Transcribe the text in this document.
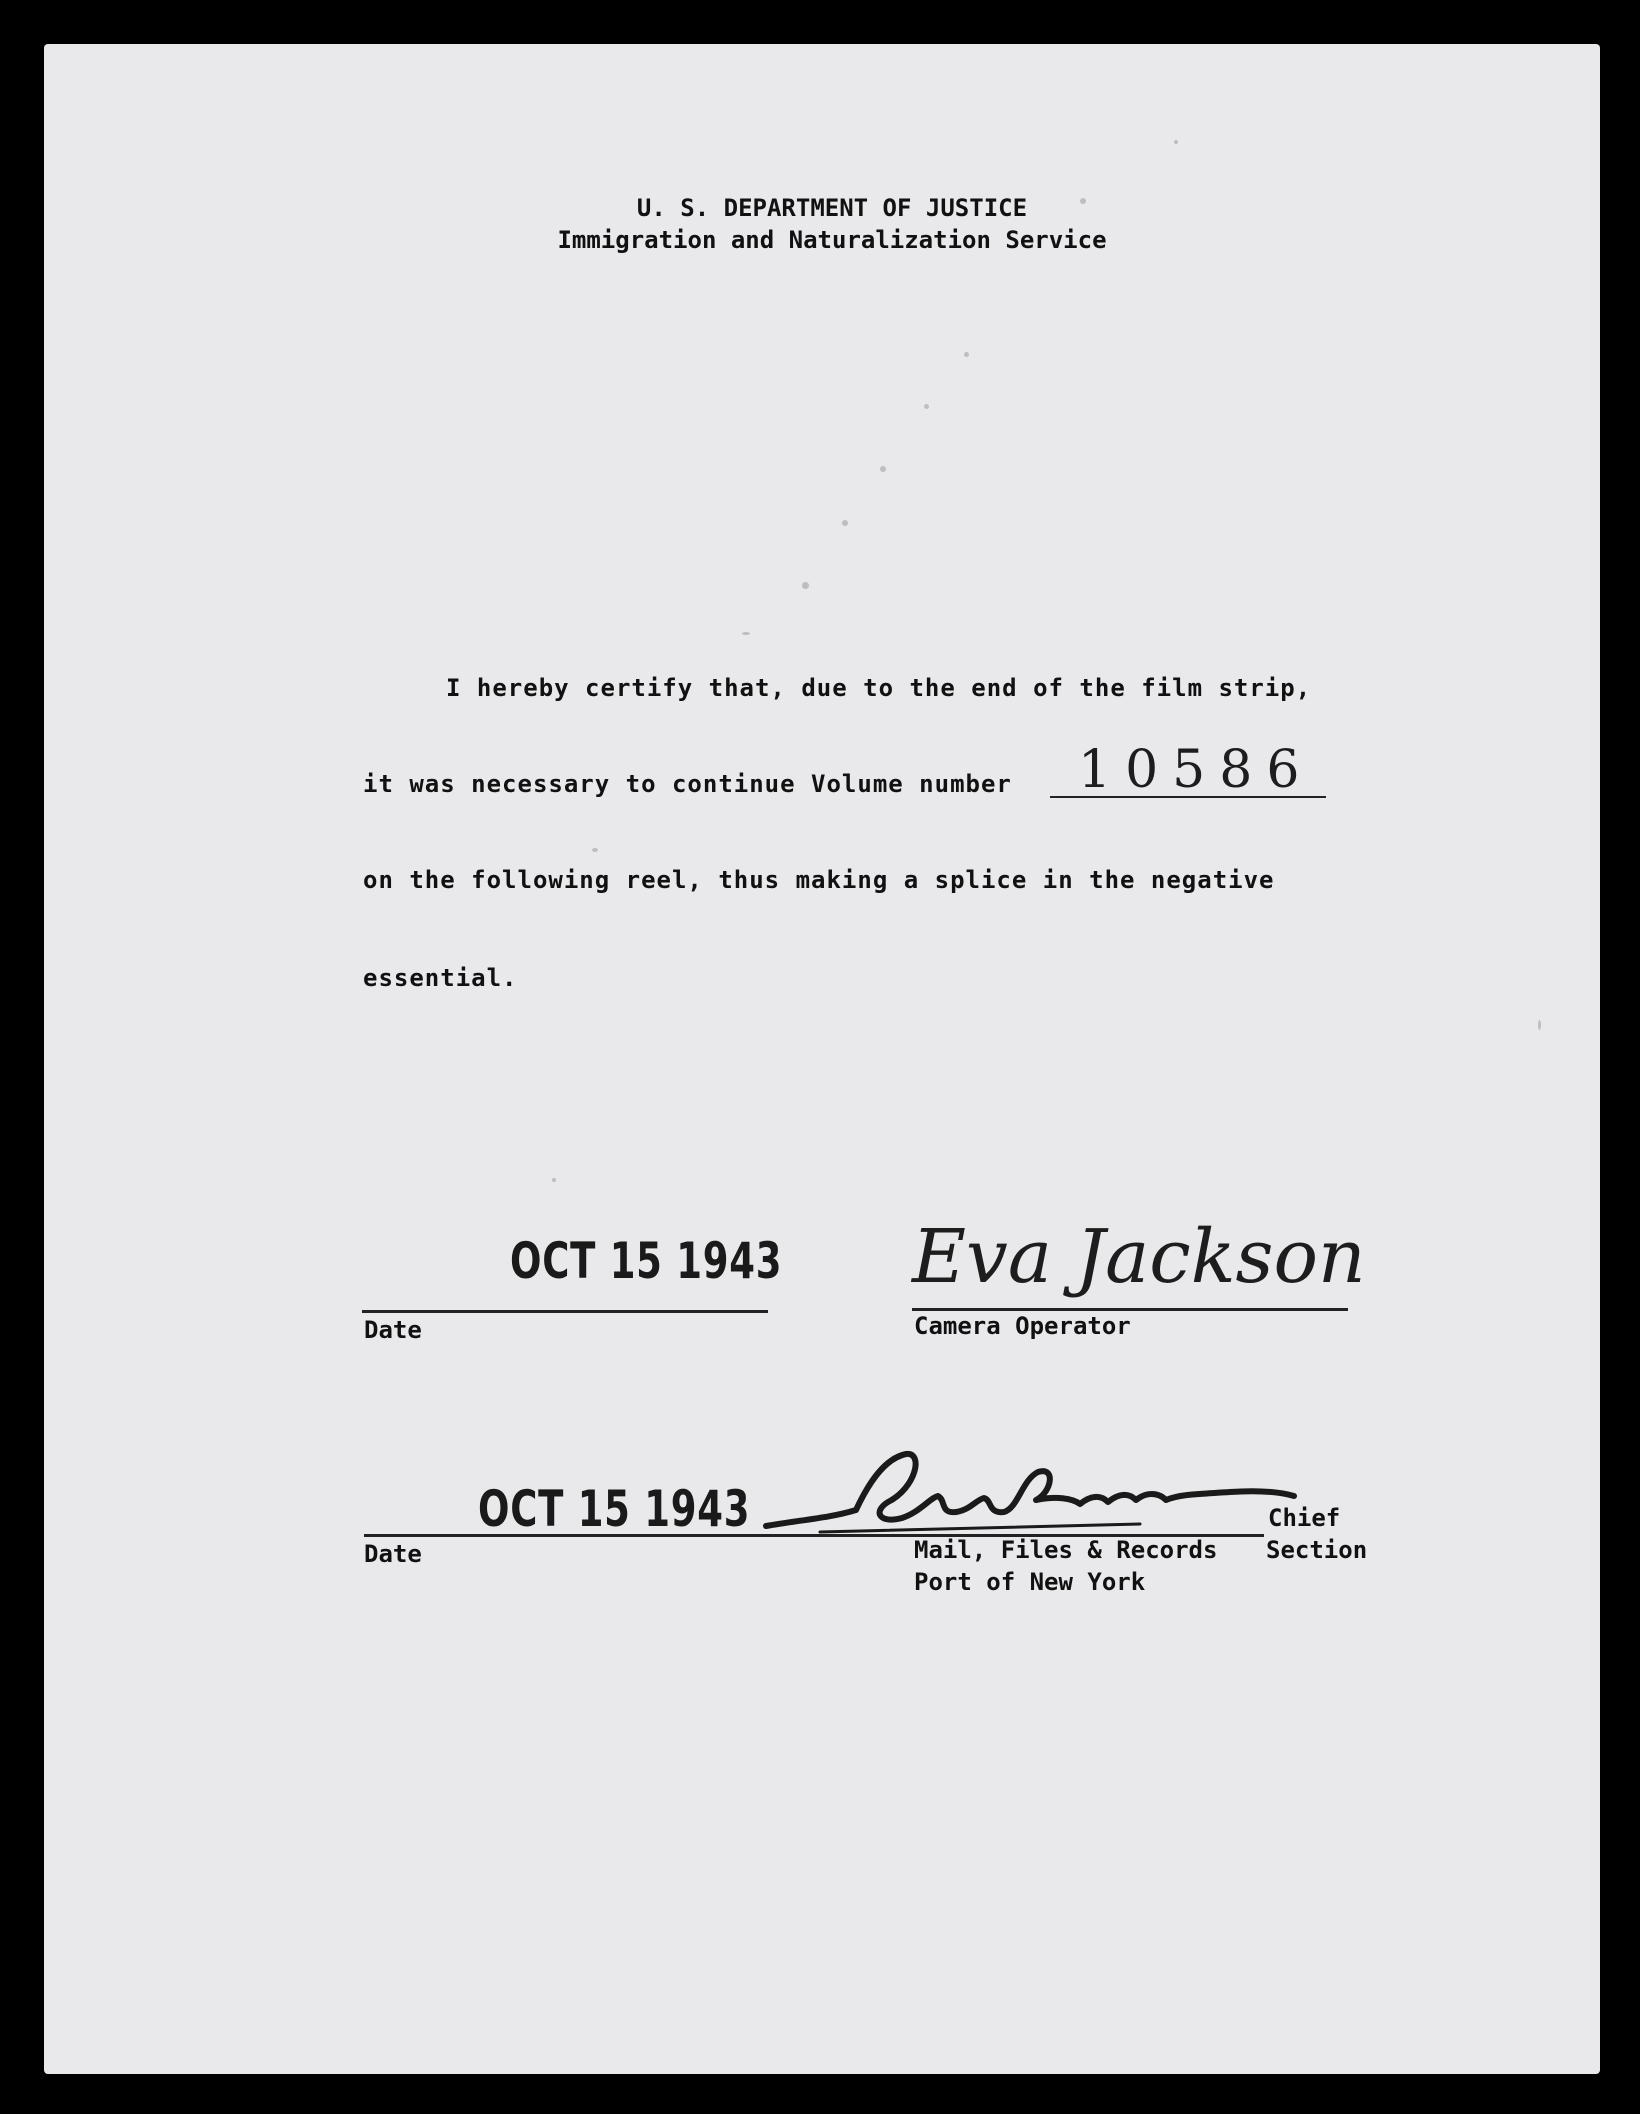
U. S. DEPARTMENT OF JUSTICE
Immigration and Naturalization Service
I hereby certify that, due to the end of the film strip,
it was necessary to continue Volume number 10586
on the following reel, thus making a splice in the negative
essential.
OCT 15 1943
Date
Eva Jackson
Camera Operator
OCT 15 1943
Date
Chief
Mail, Files & Records Section
Port of New York
